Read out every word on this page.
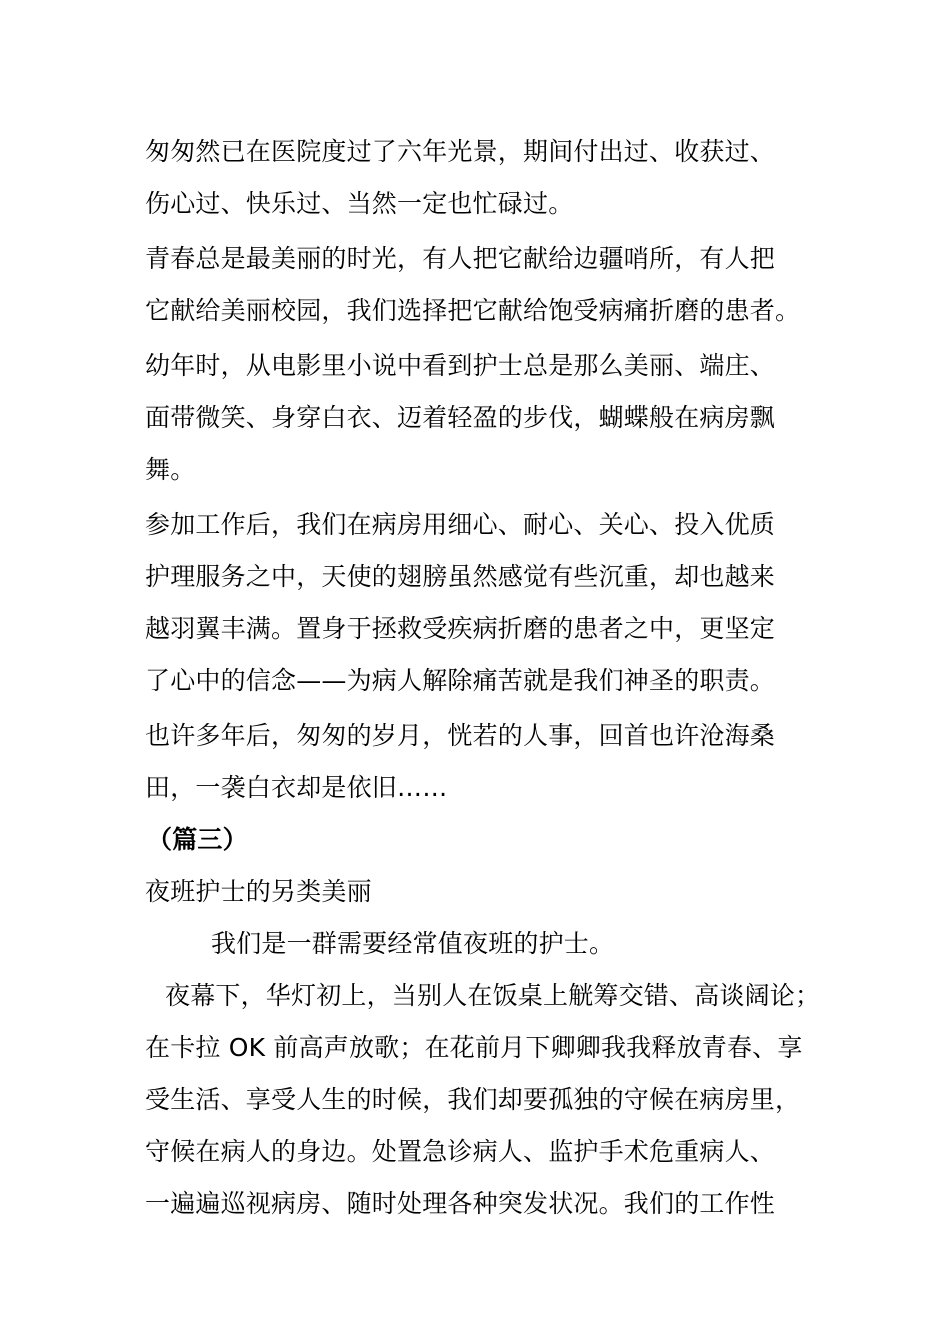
匆匆然已在医院度过了六年光景，期间付出过、收获过、
伤心过、快乐过、当然一定也忙碌过。
青春总是最美丽的时光，有人把它献给边疆哨所，有人把
它献给美丽校园，我们选择把它献给饱受病痛折磨的患者。
幼年时，从电影里小说中看到护士总是那么美丽、端庄、
面带微笑、身穿白衣、迈着轻盈的步伐，蝴蝶般在病房飘
舞。
参加工作后，我们在病房用细心、耐心、关心、投入优质
护理服务之中，天使的翅膀虽然感觉有些沉重，却也越来
越羽翼丰满。置身于拯救受疾病折磨的患者之中，更坚定
了心中的信念——为病人解除痛苦就是我们神圣的职责。
也许多年后，匆匆的岁月，恍若的人事，回首也许沧海桑
田，一袭白衣却是依旧……
（篇三）
夜班护士的另类美丽
我们是一群需要经常值夜班的护士。
夜幕下，华灯初上，当别人在饭桌上觥筹交错、高谈阔论；
在卡拉 OK 前高声放歌；在花前月下卿卿我我释放青春、享
受生活、享受人生的时候，我们却要孤独的守候在病房里，
守候在病人的身边。处置急诊病人、监护手术危重病人、
一遍遍巡视病房、随时处理各种突发状况。我们的工作性
